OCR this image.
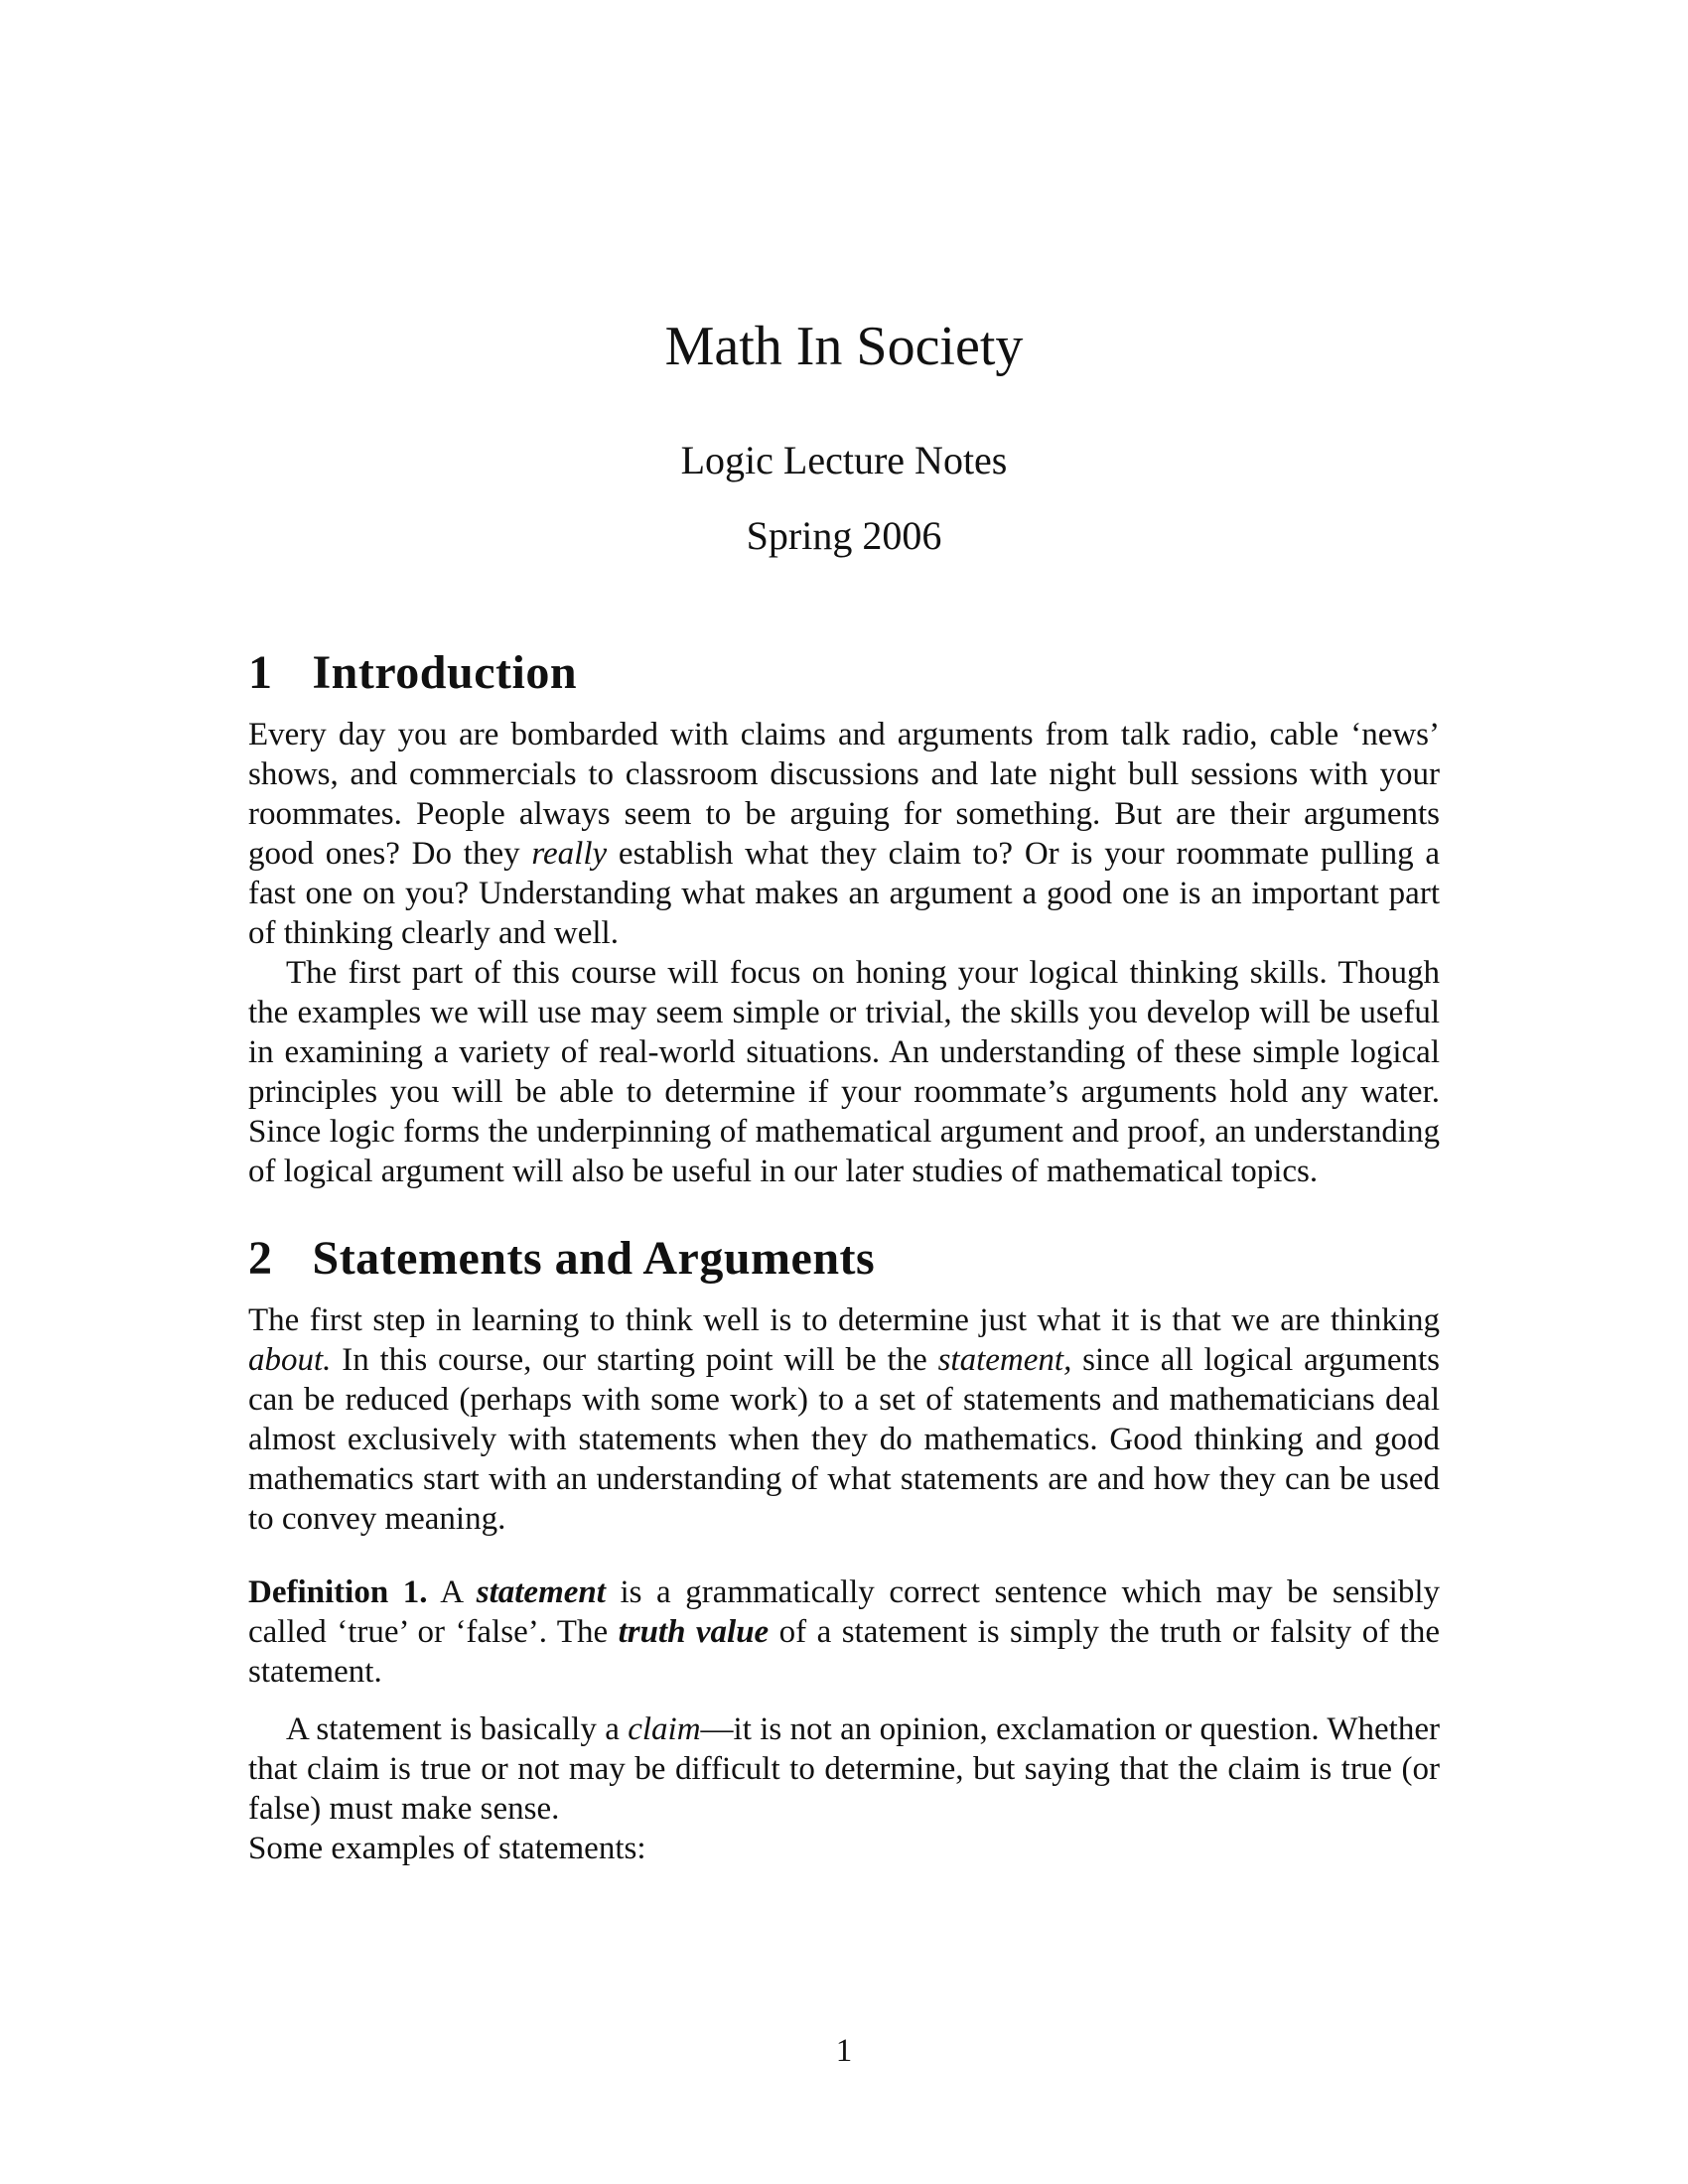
Math In Society
Logic Lecture Notes
Spring 2006
1 Introduction

Every day you are bombarded with claims and arguments from talk radio, cable ‘news’ shows, and commercials to classroom discussions and late night bull sessions with your roommates. People always seem to be arguing for something. But are their arguments good ones? Do they really establish what they claim to? Or is your roommate pulling a fast one on you? Understanding what makes an argument a good one is an important part of thinking clearly and well.

The first part of this course will focus on honing your logical thinking skills. Though the examples we will use may seem simple or trivial, the skills you develop will be useful in examining a variety of real-world situations. An understanding of these simple logical principles you will be able to determine if your roommate’s arguments hold any water. Since logic forms the underpinning of mathematical argument and proof, an understanding of logical argument will also be useful in our later studies of mathematical topics.

2 Statements and Arguments

The first step in learning to think well is to determine just what it is that we are thinking about. In this course, our starting point will be the statement, since all logical arguments can be reduced (perhaps with some work) to a set of statements and mathematicians deal almost exclusively with statements when they do mathematics. Good thinking and good mathematics start with an understanding of what statements are and how they can be used to convey meaning.

Definition 1. A statement is a grammatically correct sentence which may be sensibly called ‘true’ or ‘false’. The truth value of a statement is simply the truth or falsity of the statement.

A statement is basically a claim—it is not an opinion, exclamation or question. Whether that claim is true or not may be difficult to determine, but saying that the claim is true (or false) must make sense.

Some examples of statements:

1
